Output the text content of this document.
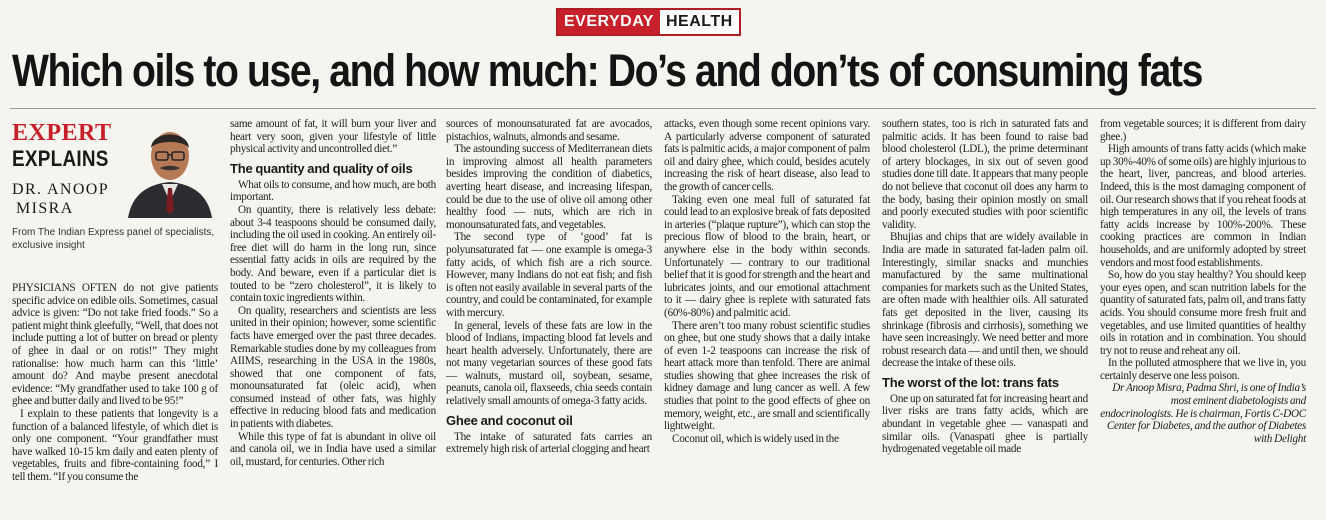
EVERYDAY HEALTH
Which oils to use, and how much: Do’s and don’ts of consuming fats
EXPERT
EXPLAINS
DR. ANOOP
MISRA
From The Indian Express panel of specialists, exclusive insight

PHYSICIANS OFTEN do not give patients specific advice on edible oils. Sometimes, casual advice is given: “Do not take fried foods.” So a patient might think gleefully, “Well, that does not include putting a lot of butter on bread or plenty of ghee in daal or on rotis!” They might rationalise: how much harm can this ‘little’ amount do? And maybe present anecdotal evidence: “My grandfather used to take 100 g of ghee and butter daily and lived to be 95!”

I explain to these patients that longevity is a function of a balanced lifestyle, of which diet is only one component. “Your grandfather must have walked 10-15 km daily and eaten plenty of vegetables, fruits and fibre-containing food,” I tell them. “If you consume the

same amount of fat, it will burn your liver and heart very soon, given your lifestyle of little physical activity and uncontrolled diet.”

The quantity and quality of oils

What oils to consume, and how much, are both important.

On quantity, there is relatively less debate: about 3-4 teaspoons should be consumed daily, including the oil used in cooking. An entirely oil-free diet will do harm in the long run, since essential fatty acids in oils are required by the body. And beware, even if a particular diet is touted to be “zero cholesterol”, it is likely to contain toxic ingredients within.

On quality, researchers and scientists are less united in their opinion; however, some scientific facts have emerged over the past three decades. Remarkable studies done by my colleagues from AIIMS, researching in the USA in the 1980s, showed that one component of fats, monounsaturated fat (oleic acid), when consumed instead of other fats, was highly effective in reducing blood fats and medication in patients with diabetes.

While this type of fat is abundant in olive oil and canola oil, we in India have used a similar oil, mustard, for centuries. Other rich

sources of monounsaturated fat are avocados, pistachios, walnuts, almonds and sesame.

The astounding success of Mediterranean diets in improving almost all health parameters besides improving the condition of diabetics, averting heart disease, and increasing lifespan, could be due to the use of olive oil among other healthy food — nuts, which are rich in monounsaturated fats, and vegetables.

The second type of ‘good’ fat is polyunsaturated fat — one example is omega-3 fatty acids, of which fish are a rich source. However, many Indians do not eat fish; and fish is often not easily available in several parts of the country, and could be contaminated, for example with mercury.

In general, levels of these fats are low in the blood of Indians, impacting blood fat levels and heart health adversely. Unfortunately, there are not many vegetarian sources of these good fats — walnuts, mustard oil, soybean, sesame, peanuts, canola oil, flaxseeds, chia seeds contain relatively small amounts of omega-3 fatty acids.

Ghee and coconut oil

The intake of saturated fats carries an extremely high risk of arterial clogging and heart

attacks, even though some recent opinions vary. A particularly adverse component of saturated fats is palmitic acids, a major component of palm oil and dairy ghee, which could, besides acutely increasing the risk of heart disease, also lead to the growth of cancer cells.

Taking even one meal full of saturated fat could lead to an explosive break of fats deposited in arteries (“plaque rupture”), which can stop the precious flow of blood to the brain, heart, or anywhere else in the body within seconds. Unfortunately — contrary to our traditional belief that it is good for strength and the heart and lubricates joints, and our emotional attachment to it — dairy ghee is replete with saturated fats (60%-80%) and palmitic acid.

There aren’t too many robust scientific studies on ghee, but one study shows that a daily intake of even 1-2 teaspoons can increase the risk of heart attack more than tenfold. There are animal studies showing that ghee increases the risk of kidney damage and lung cancer as well. A few studies that point to the good effects of ghee on memory, weight, etc., are small and scientifically lightweight.

Coconut oil, which is widely used in the

southern states, too is rich in saturated fats and palmitic acids. It has been found to raise bad blood cholesterol (LDL), the prime determinant of artery blockages, in six out of seven good studies done till date. It appears that many people do not believe that coconut oil does any harm to the body, basing their opinion mostly on small and poorly executed studies with poor scientific validity.

Bhujias and chips that are widely available in India are made in saturated fat-laden palm oil. Interestingly, similar snacks and munchies manufactured by the same multinational companies for markets such as the United States, are often made with healthier oils. All saturated fats get deposited in the liver, causing its shrinkage (fibrosis and cirrhosis), something we have seen increasingly. We need better and more robust research data — and until then, we should decrease the intake of these oils.

The worst of the lot: trans fats

One up on saturated fat for increasing heart and liver risks are trans fatty acids, which are abundant in vegetable ghee — vanaspati and similar oils. (Vanaspati ghee is partially hydrogenated vegetable oil made

from vegetable sources; it is different from dairy ghee.)

High amounts of trans fatty acids (which make up 30%-40% of some oils) are highly injurious to the heart, liver, pancreas, and blood arteries. Indeed, this is the most damaging component of oil. Our research shows that if you reheat foods at high temperatures in any oil, the levels of trans fatty acids increase by 100%-200%. These cooking practices are common in Indian households, and are uniformly adopted by street vendors and most food establishments.

So, how do you stay healthy? You should keep your eyes open, and scan nutrition labels for the quantity of saturated fats, palm oil, and trans fatty acids. You should consume more fresh fruit and vegetables, and use limited quantities of healthy oils in rotation and in combination. You should try not to reuse and reheat any oil.

In the polluted atmosphere that we live in, you certainly deserve one less poison.

Dr Anoop Misra, Padma Shri, is one of India’s most eminent diabetologists and endocrinologists. He is chairman, Fortis C-DOC Center for Diabetes, and the author of Diabetes with Delight
